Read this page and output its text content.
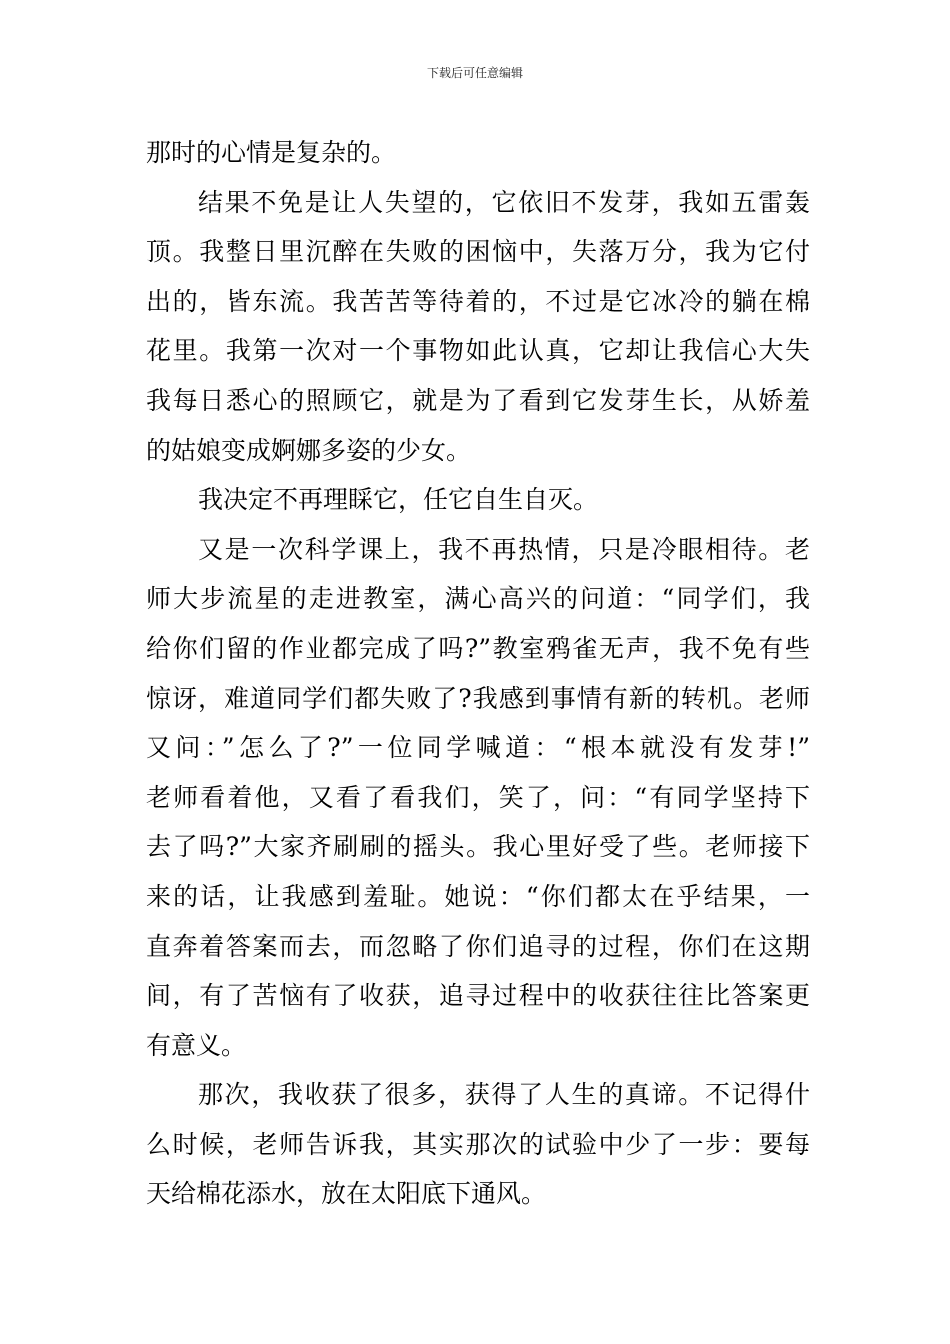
下载后可任意编辑
那时的心情是复杂的。
结果不免是让人失望的，它依旧不发芽，我如五雷轰
顶。我整日里沉醉在失败的困恼中，失落万分，我为它付
出的，皆东流。我苦苦等待着的，不过是它冰冷的躺在棉
花里。我第一次对一个事物如此认真，它却让我信心大失
我每日悉心的照顾它，就是为了看到它发芽生长，从娇羞
的姑娘变成婀娜多姿的少女。
我决定不再理睬它，任它自生自灭。
又是一次科学课上，我不再热情，只是冷眼相待。老
师大步流星的走进教室，满心高兴的问道：“同学们，我
给你们留的作业都完成了吗?”教室鸦雀无声，我不免有些
惊讶，难道同学们都失败了?我感到事情有新的转机。老师
又问：”怎么了?”一位同学喊道：“根本就没有发芽!”
老师看着他，又看了看我们，笑了，问：“有同学坚持下
去了吗?”大家齐刷刷的摇头。我心里好受了些。老师接下
来的话，让我感到羞耻。她说：“你们都太在乎结果，一
直奔着答案而去，而忽略了你们追寻的过程，你们在这期
间，有了苦恼有了收获，追寻过程中的收获往往比答案更
有意义。
那次，我收获了很多，获得了人生的真谛。不记得什
么时候，老师告诉我，其实那次的试验中少了一步：要每
天给棉花添水，放在太阳底下通风。
